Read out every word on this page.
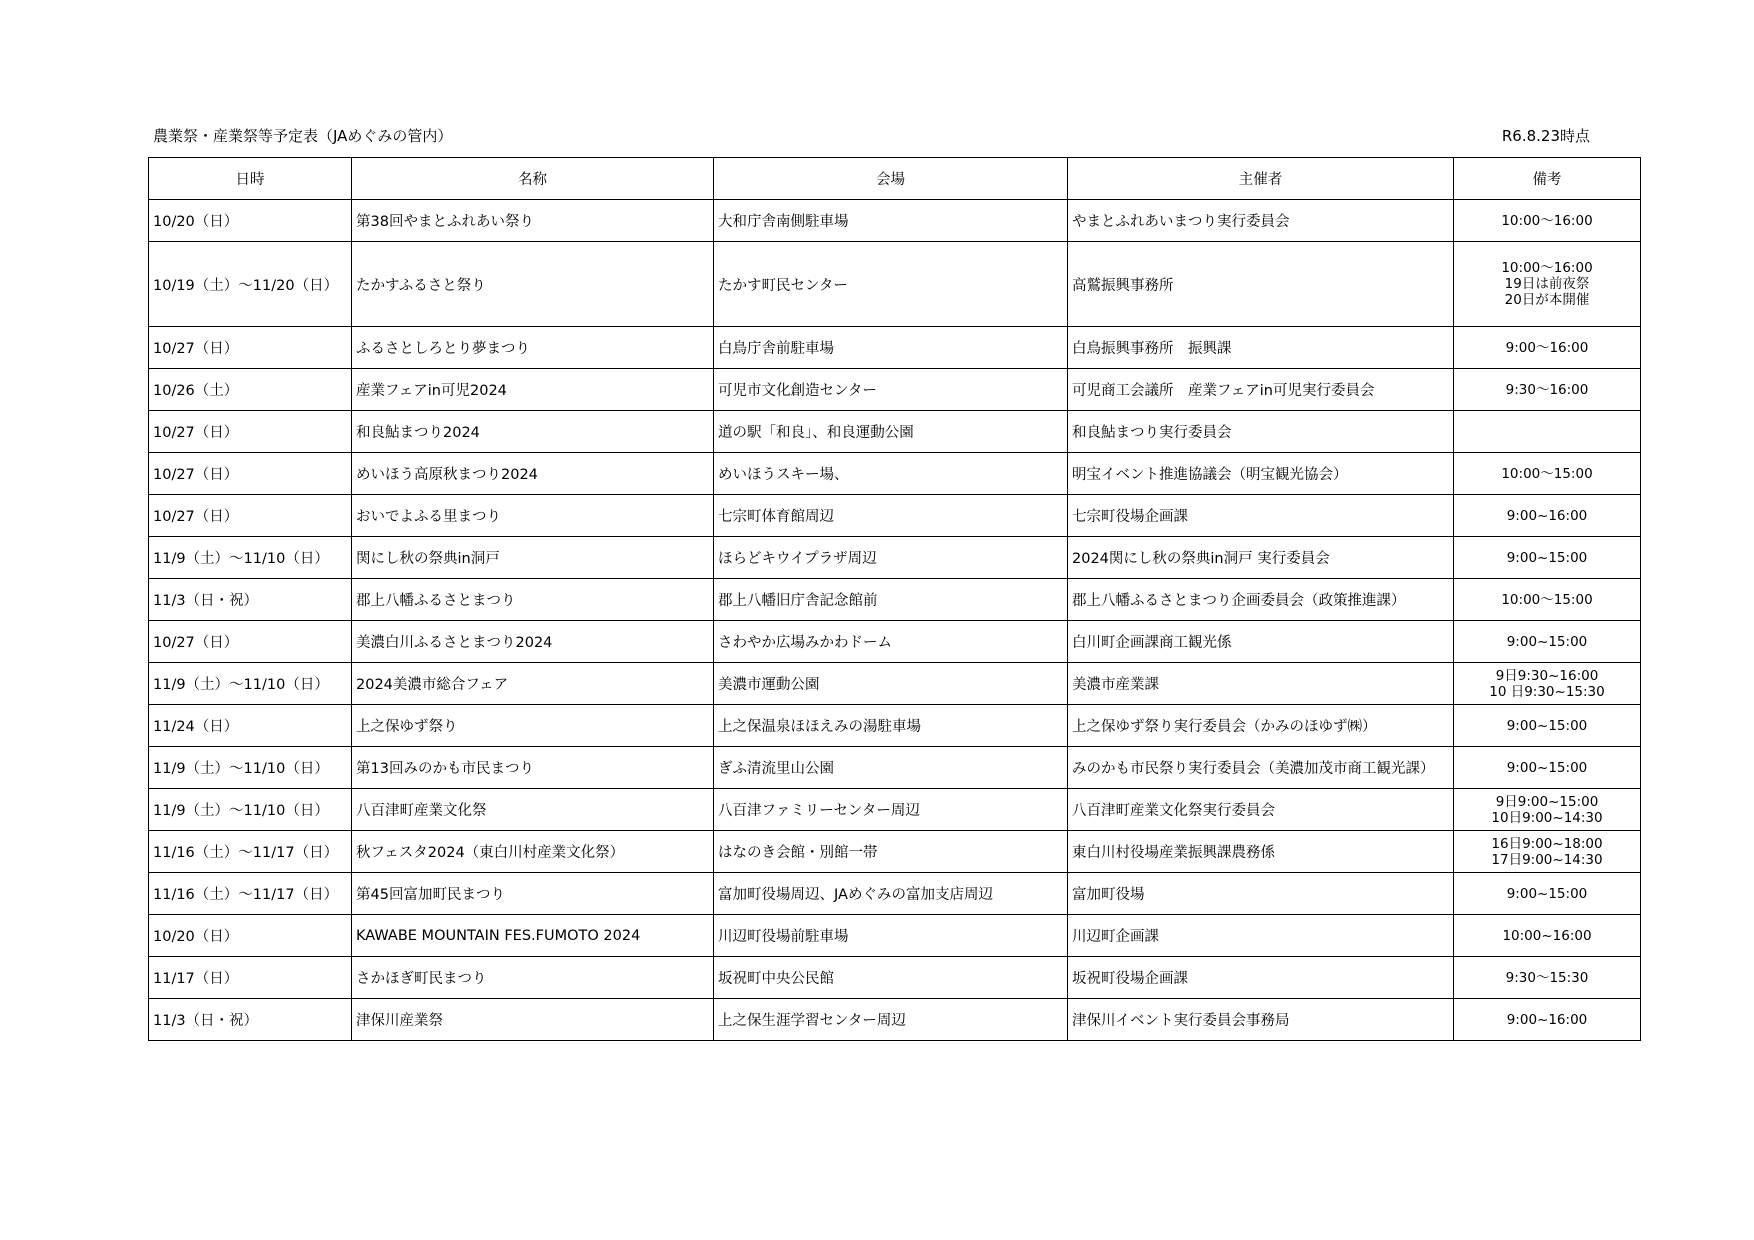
農業祭・産業祭等予定表（JAめぐみの管内）	R6.8.23時点
日時	名称	会場	主催者	備考
10/20（日）	第38回やまとふれあい祭り	大和庁舎南側駐車場	やまとふれあいまつり実行委員会	10:00～16:00
10/19（土）～11/20（日）	たかすふるさと祭り	たかす町民センター	高鷲振興事務所	10:00～16:00
19日は前夜祭
20日が本開催
10/27（日）	ふるさとしろとり夢まつり	白鳥庁舎前駐車場	白鳥振興事務所　振興課	9:00～16:00
10/26（土）	産業フェアin可児2024	可児市文化創造センター	可児商工会議所　産業フェアin可児実行委員会	9:30～16:00
10/27（日）	和良鮎まつり2024	道の駅「和良」、和良運動公園	和良鮎まつり実行委員会	
10/27（日）	めいほう高原秋まつり2024	めいほうスキー場、	明宝イベント推進協議会（明宝観光協会）	10:00～15:00
10/27（日）	おいでよふる里まつり	七宗町体育館周辺	七宗町役場企画課	9:00~16:00
11/9（土）～11/10（日）	関にし秋の祭典in洞戸	ほらどキウイプラザ周辺	2024関にし秋の祭典in洞戸 実行委員会	9:00~15:00
11/3（日・祝）	郡上八幡ふるさとまつり	郡上八幡旧庁舎記念館前	郡上八幡ふるさとまつり企画委員会（政策推進課）	10:00～15:00
10/27（日）	美濃白川ふるさとまつり2024	さわやか広場みかわドーム	白川町企画課商工観光係	9:00~15:00
11/9（土）～11/10（日）	2024美濃市総合フェア	美濃市運動公園	美濃市産業課	9日9:30~16:00
10 日9:30~15:30
11/24（日）	上之保ゆず祭り	上之保温泉ほほえみの湯駐車場	上之保ゆず祭り実行委員会（かみのほゆず㈱）	9:00~15:00
11/9（土）～11/10（日）	第13回みのかも市民まつり	ぎふ清流里山公園	みのかも市民祭り実行委員会（美濃加茂市商工観光課）	9:00~15:00
11/9（土）～11/10（日）	八百津町産業文化祭	八百津ファミリーセンター周辺	八百津町産業文化祭実行委員会	9日9:00~15:00
10日9:00~14:30
11/16（土）～11/17（日）	秋フェスタ2024（東白川村産業文化祭）	はなのき会館・別館一帯	東白川村役場産業振興課農務係	16日9:00~18:00
17日9:00~14:30
11/16（土）～11/17（日）	第45回富加町民まつり	富加町役場周辺、JAめぐみの富加支店周辺	富加町役場	9:00~15:00
10/20（日）	KAWABE MOUNTAIN FES.FUMOTO 2024	川辺町役場前駐車場	川辺町企画課	10:00~16:00
11/17（日）	さかほぎ町民まつり	坂祝町中央公民館	坂祝町役場企画課	9:30～15:30
11/3（日・祝）	津保川産業祭	上之保生涯学習センター周辺	津保川イベント実行委員会事務局	9:00~16:00
